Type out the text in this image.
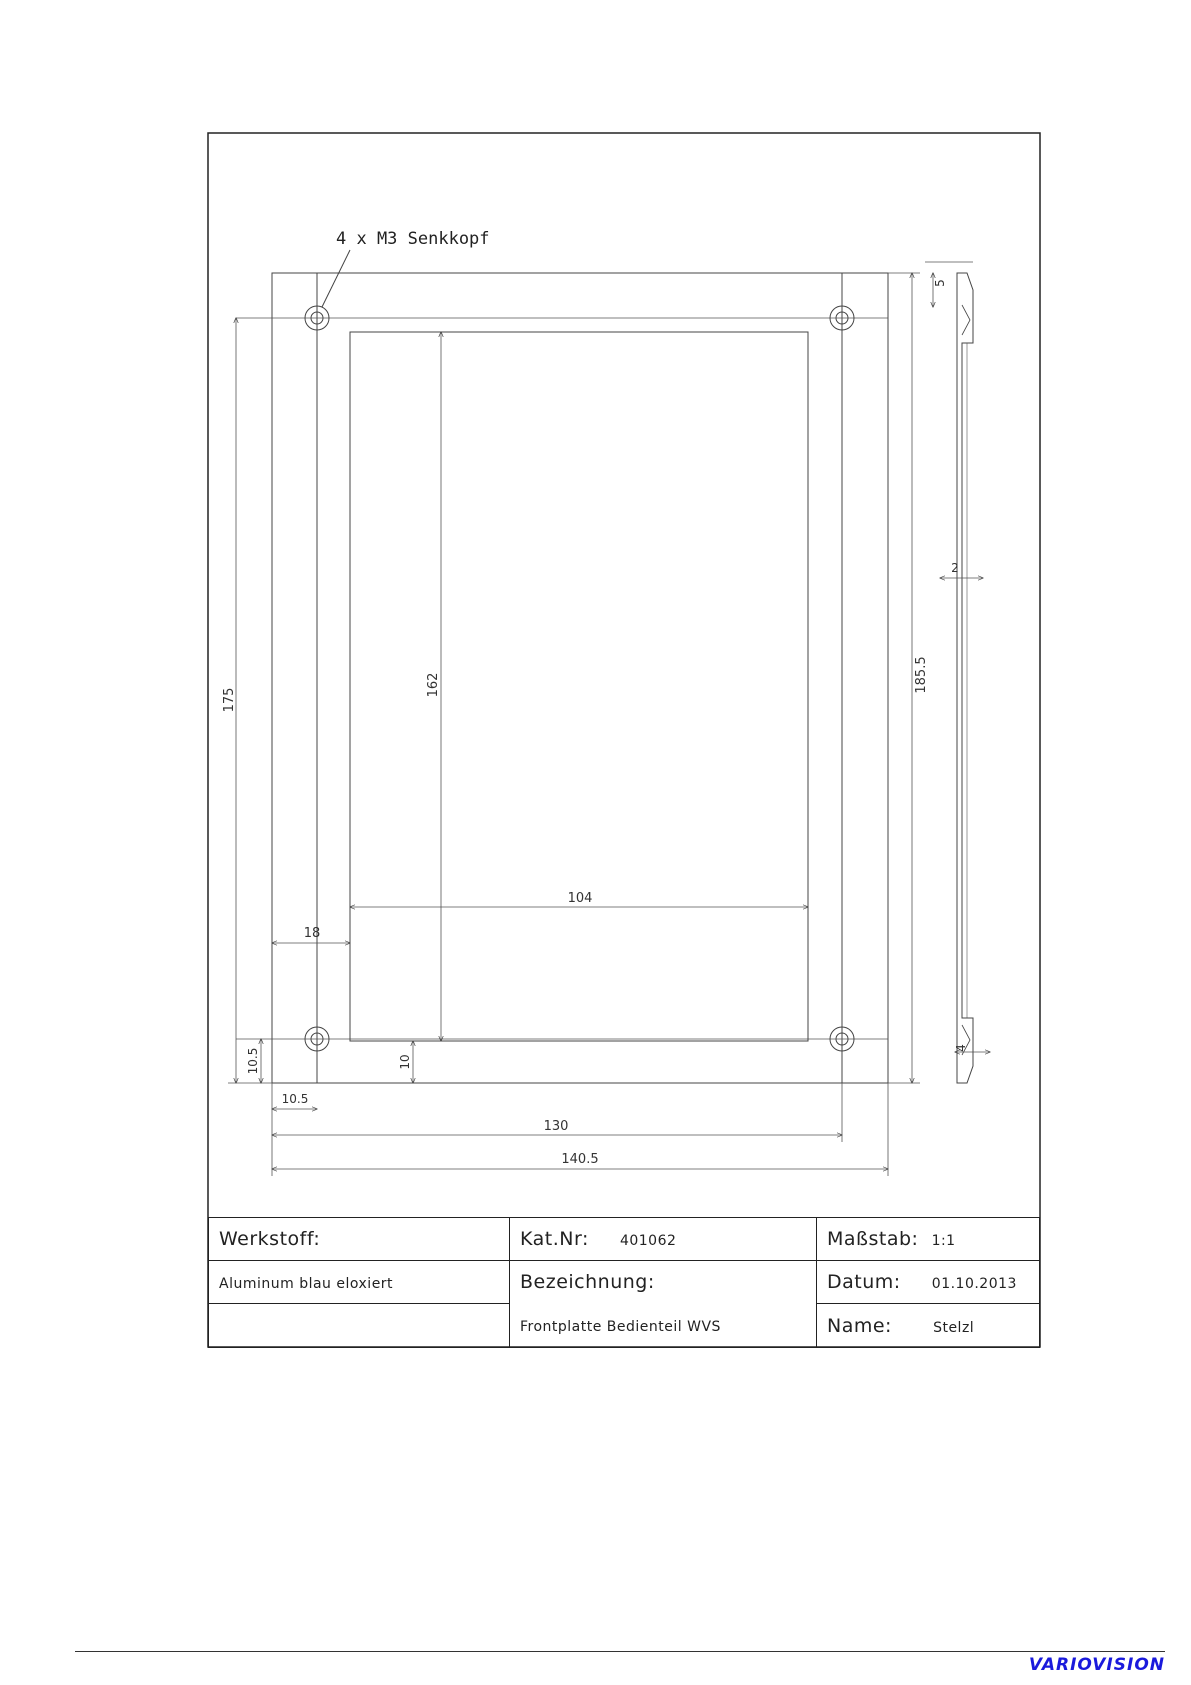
4 x M3 Senkkopf
175
162
104
18
10.5
10.5
10
130
140.5
185.5
5
2
4
Werkstoff:	Kat.Nr: 401062	Maßstab: 1:1
Aluminum blau eloxiert	Bezeichnung:	Datum: 01.10.2013
	Frontplatte Bedienteil WVS	Name: Stelzl
VARIOVISION
